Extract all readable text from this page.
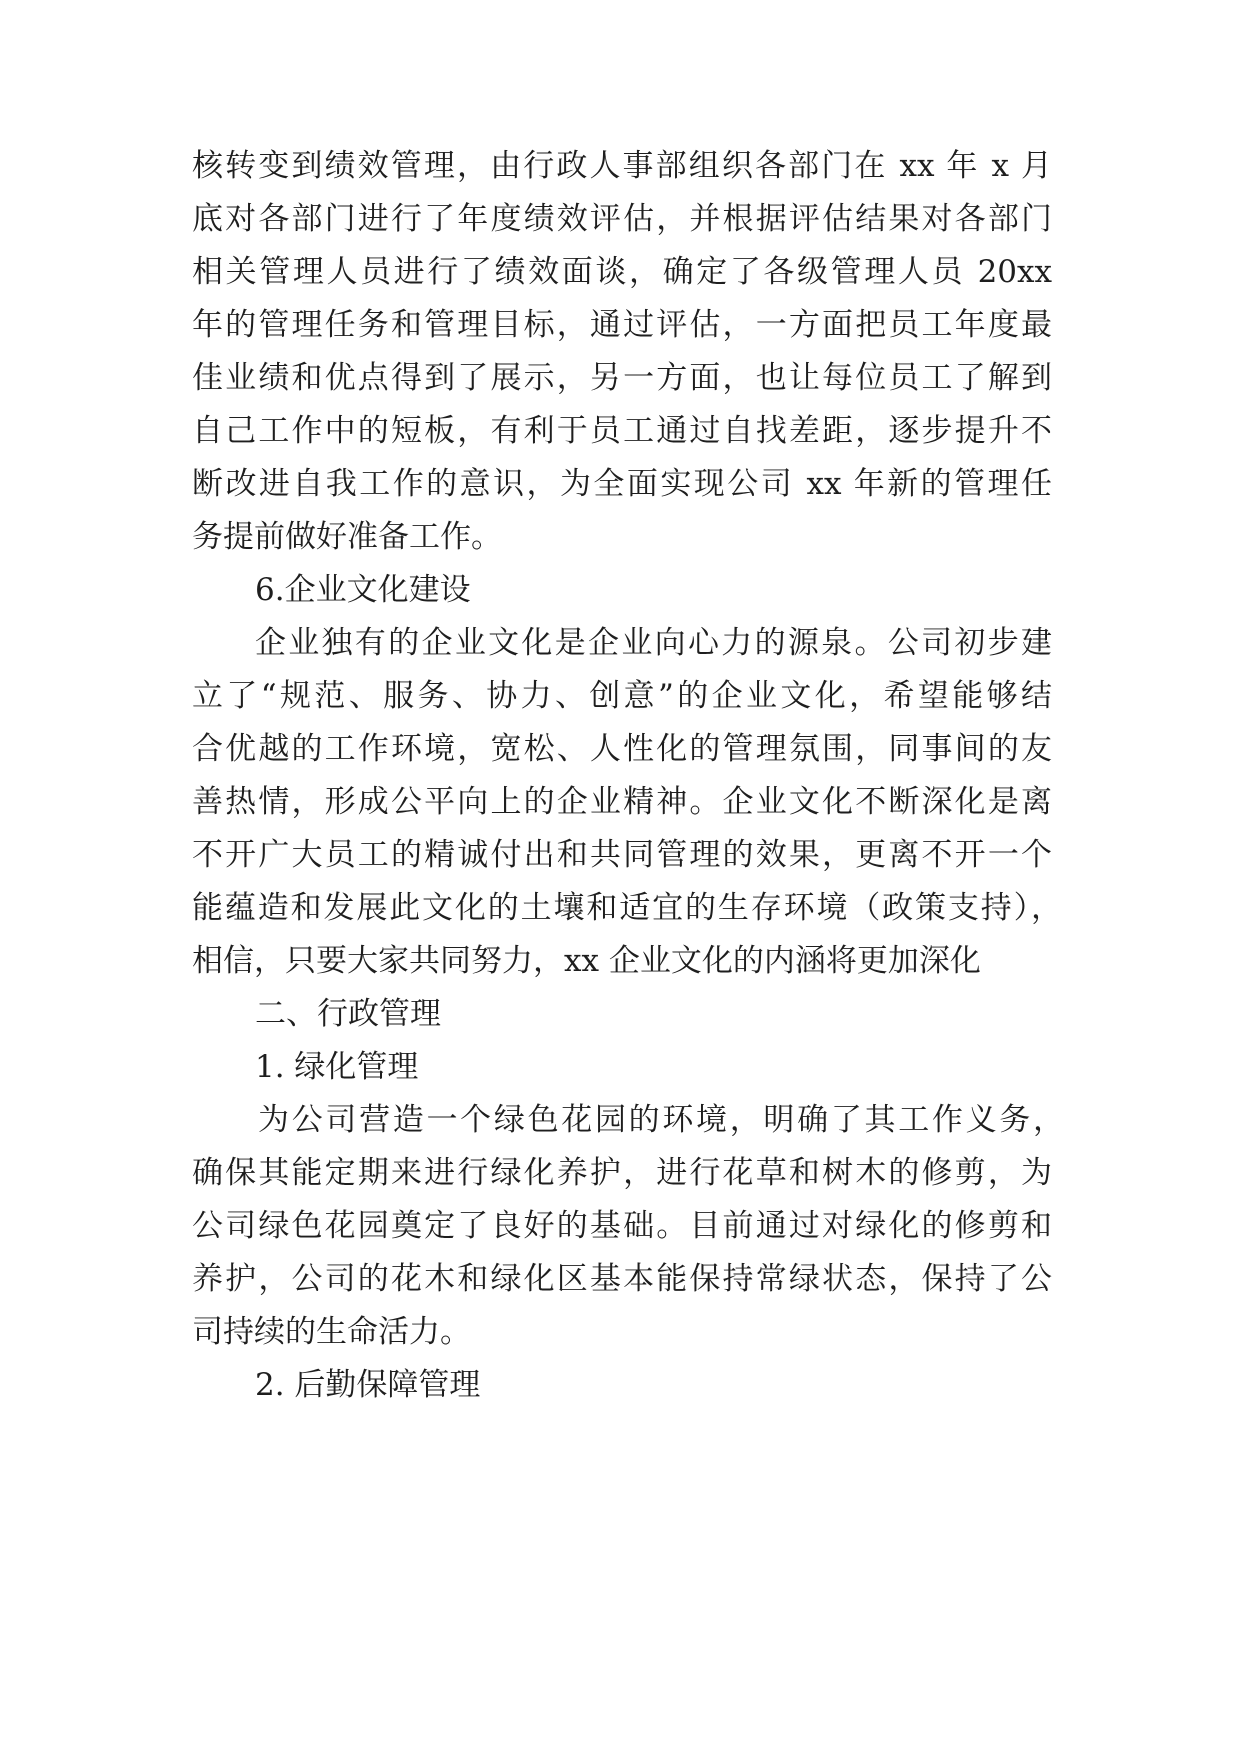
核转变到绩效管理，由行政人事部组织各部门在 xx 年 x 月

底对各部门进行了年度绩效评估，并根据评估结果对各部门

相关管理人员进行了绩效面谈，确定了各级管理人员 20xx

年的管理任务和管理目标，通过评估，一方面把员工年度最

佳业绩和优点得到了展示，另一方面，也让每位员工了解到

自己工作中的短板，有利于员工通过自找差距，逐步提升不

断改进自我工作的意识，为全面实现公司 xx 年新的管理任

务提前做好准备工作。

6.企业文化建设

企业独有的企业文化是企业向心力的源泉。公司初步建

立了“规范、服务、协力、创意”的企业文化，希望能够结

合优越的工作环境，宽松、人性化的管理氛围，同事间的友

善热情，形成公平向上的企业精神。企业文化不断深化是离

不开广大员工的精诚付出和共同管理的效果，更离不开一个

能蕴造和发展此文化的土壤和适宜的生存环境（政策支持），

相信，只要大家共同努力，xx 企业文化的内涵将更加深化

二、行政管理

1. 绿化管理

为公司营造一个绿色花园的环境，明确了其工作义务，

确保其能定期来进行绿化养护，进行花草和树木的修剪，为

公司绿色花园奠定了良好的基础。目前通过对绿化的修剪和

养护，公司的花木和绿化区基本能保持常绿状态，保持了公

司持续的生命活力。

2. 后勤保障管理
